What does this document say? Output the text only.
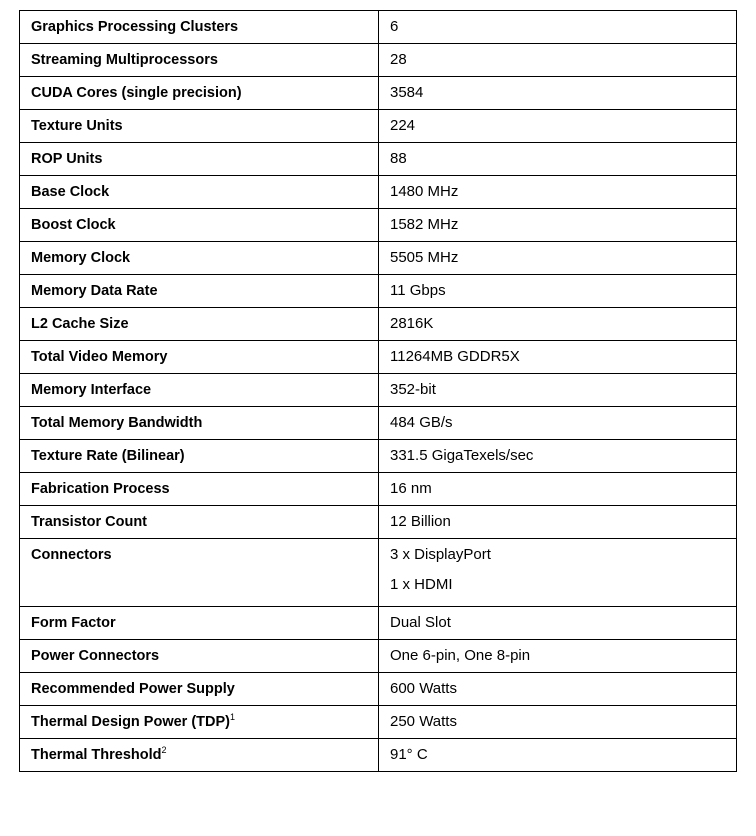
Graphics Processing Clusters	6
Streaming Multiprocessors	28
CUDA Cores (single precision)	3584
Texture Units	224
ROP Units	88
Base Clock	1480 MHz
Boost Clock	1582 MHz
Memory Clock	5505 MHz
Memory Data Rate	11 Gbps
L2 Cache Size	2816K
Total Video Memory	11264MB GDDR5X
Memory Interface	352-bit
Total Memory Bandwidth	484 GB/s
Texture Rate (Bilinear)	331.5 GigaTexels/sec
Fabrication Process	16 nm
Transistor Count	12 Billion
Connectors	3 x DisplayPort
1 x HDMI

Form Factor	Dual Slot
Power Connectors	One 6-pin, One 8-pin
Recommended Power Supply	600 Watts
Thermal Design Power (TDP)$^1$	250 Watts
Thermal Threshold$^2$	91° C
